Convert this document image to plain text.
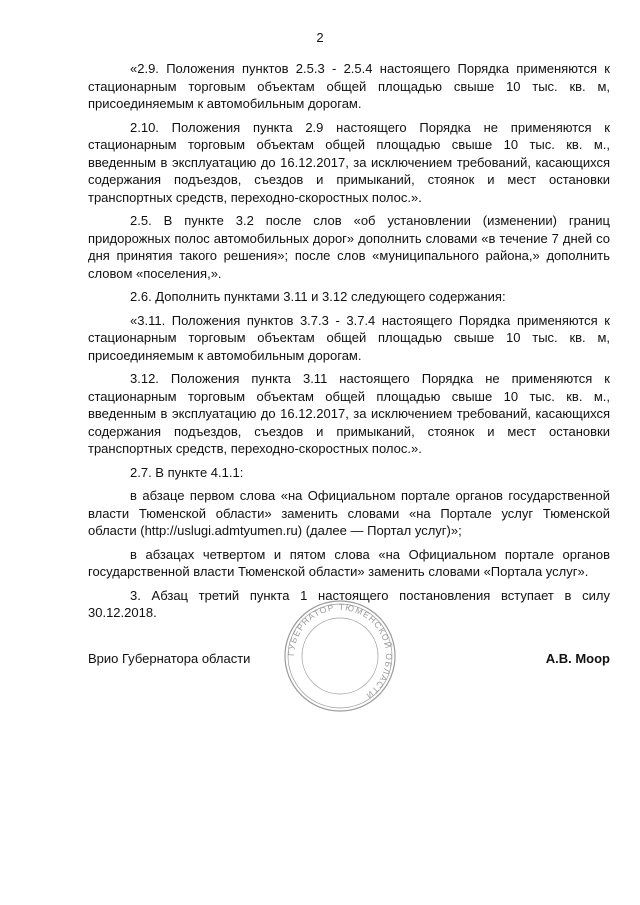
2

«2.9. Положения пунктов 2.5.3 - 2.5.4 настоящего Порядка применяются к стационарным торговым объектам общей площадью свыше 10 тыс. кв. м, присоединяемым к автомобильным дорогам.

2.10. Положения пункта 2.9 настоящего Порядка не применяются к стационарным торговым объектам общей площадью свыше 10 тыс. кв. м., введенным в эксплуатацию до 16.12.2017, за исключением требований, касающихся содержания подъездов, съездов и примыканий, стоянок и мест остановки транспортных средств, переходно-скоростных полос.».

2.5. В пункте 3.2 после слов «об установлении (изменении) границ придорожных полос автомобильных дорог» дополнить словами «в течение 7 дней со дня принятия такого решения»; после слов «муниципального района,» дополнить словом «поселения,».

2.6. Дополнить пунктами 3.11 и 3.12 следующего содержания:

«3.11. Положения пунктов 3.7.3 - 3.7.4 настоящего Порядка применяются к стационарным торговым объектам общей площадью свыше 10 тыс. кв. м, присоединяемым к автомобильным дорогам.

3.12. Положения пункта 3.11 настоящего Порядка не применяются к стационарным торговым объектам общей площадью свыше 10 тыс. кв. м., введенным в эксплуатацию до 16.12.2017, за исключением требований, касающихся содержания подъездов, съездов и примыканий, стоянок и мест остановки транспортных средств, переходно-скоростных полос.».

2.7. В пункте 4.1.1:

в абзаце первом слова «на Официальном портале органов государственной власти Тюменской области» заменить словами «на Портале услуг Тюменской области (http://uslugi.admtyumen.ru) (далее — Портал услуг)»;

в абзацах четвертом и пятом слова «на Официальном портале органов государственной власти Тюменской области» заменить словами «Портала услуг».

3. Абзац третий пункта 1 настоящего постановления вступает в силу 30.12.2018.

ГУБЕРНАТОР ТЮМЕНСКОЙ ОБЛАСТИ
Врио Губернатора области	А.В. Моор
